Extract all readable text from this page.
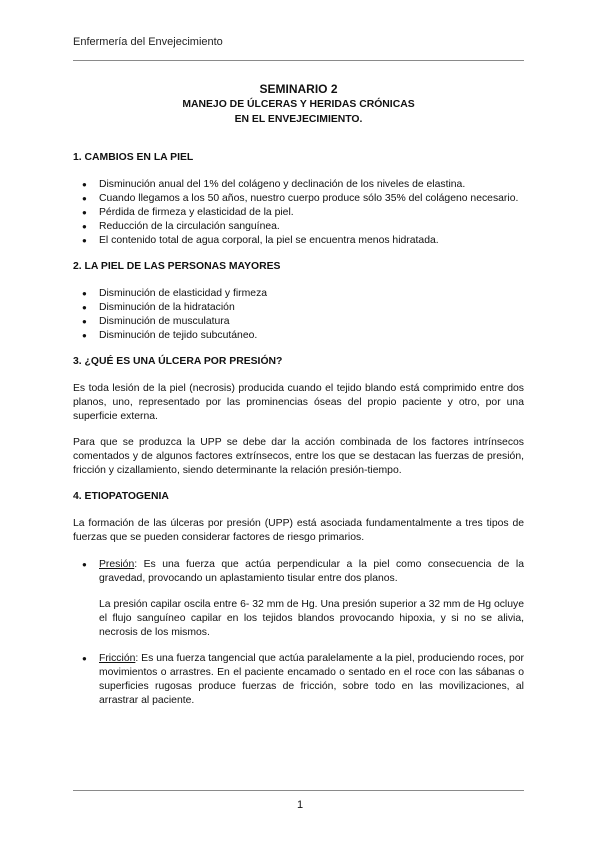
Enfermería del Envejecimiento

SEMINARIO 2

MANEJO DE ÚLCERAS Y HERIDAS CRÓNICAS

EN EL ENVEJECIMIENTO.

1. CAMBIOS EN LA PIEL
● Disminución anual del 1% del colágeno y declinación de los niveles de elastina.
● Cuando llegamos a los 50 años, nuestro cuerpo produce sólo 35% del colágeno necesario.
● Pérdida de firmeza y elasticidad de la piel.
● Reducción de la circulación sanguínea.
● El contenido total de agua corporal, la piel se encuentra menos hidratada.
2. LA PIEL DE LAS PERSONAS MAYORES
● Disminución de elasticidad y firmeza
● Disminución de la hidratación
● Disminución de musculatura
● Disminución de tejido subcutáneo.
3. ¿QUÉ ES UNA ÚLCERA POR PRESIÓN?

Es toda lesión de la piel (necrosis) producida cuando el tejido blando está comprimido entre dos planos, uno, representado por las prominencias óseas del propio paciente y otro, por una superficie externa.

Para que se produzca la UPP se debe dar la acción combinada de los factores intrínsecos comentados y de algunos factores extrínsecos, entre los que se destacan las fuerzas de presión, fricción y cizallamiento, siendo determinante la relación presión-tiempo.

4. ETIOPATOGENIA

La formación de las úlceras por presión (UPP) está asociada fundamentalmente a tres tipos de fuerzas que se pueden considerar factores de riesgo primarios.

● Presión: Es una fuerza que actúa perpendicular a la piel como consecuencia de la gravedad, provocando un aplastamiento tisular entre dos planos.

La presión capilar oscila entre 6- 32 mm de Hg. Una presión superior a 32 mm de Hg ocluye el flujo sanguíneo capilar en los tejidos blandos provocando hipoxia, y si no se alivia, necrosis de los mismos.

● Fricción: Es una fuerza tangencial que actúa paralelamente a la piel, produciendo roces, por movimientos o arrastres. En el paciente encamado o sentado en el roce con las sábanas o superficies rugosas produce fuerzas de fricción, sobre todo en las movilizaciones, al arrastrar al paciente.
1
